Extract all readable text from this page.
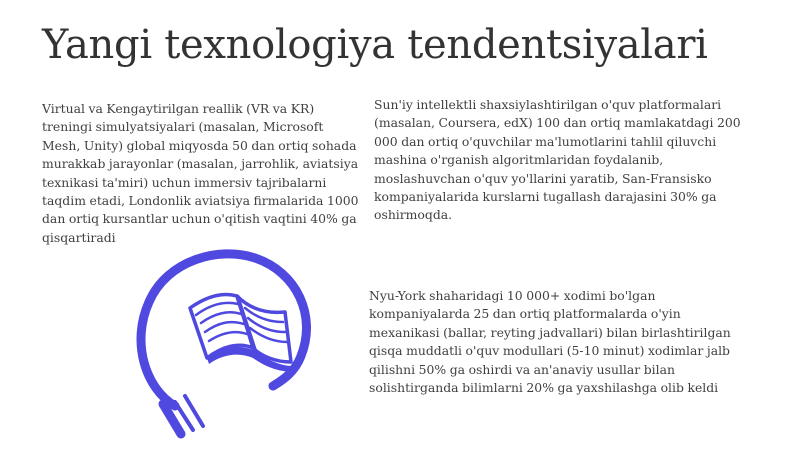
Yangi texnologiya tendentsiyalari

Virtual va Kengaytirilgan reallik (VR va KR) treningi simulyatsiyalari (masalan, Microsoft Mesh, Unity) global miqyosda 50 dan ortiq sohada murakkab jarayonlar (masalan, jarrohlik, aviatsiya texnikasi ta'miri) uchun immersiv tajribalarni taqdim etadi, Londonlik aviatsiya firmalarida 1000 dan ortiq kursantlar uchun o'qitish vaqtini 40% ga qisqartiradi

Sun'iy intellektli shaxsiylashtirilgan o'quv platformalari (masalan, Coursera, edX) 100 dan ortiq mamlakatdagi 200 000 dan ortiq o'quvchilar ma'lumotlarini tahlil qiluvchi mashina o'rganish algoritmlaridan foydalanib, moslashuvchan o'quv yo'llarini yaratib, San-Fransisko kompaniyalarida kurslarni tugallash darajasini 30% ga oshirmoqda.

Nyu-York shaharidagi 10 000+ xodimi bo'lgan kompaniyalarda 25 dan ortiq platformalarda o'yin mexanikasi (ballar, reyting jadvallari) bilan birlashtirilgan qisqa muddatli o'quv modullari (5-10 minut) xodimlar jalb qilishni 50% ga oshirdi va an'anaviy usullar bilan solishtirganda bilimlarni 20% ga yaxshilashga olib keldi
